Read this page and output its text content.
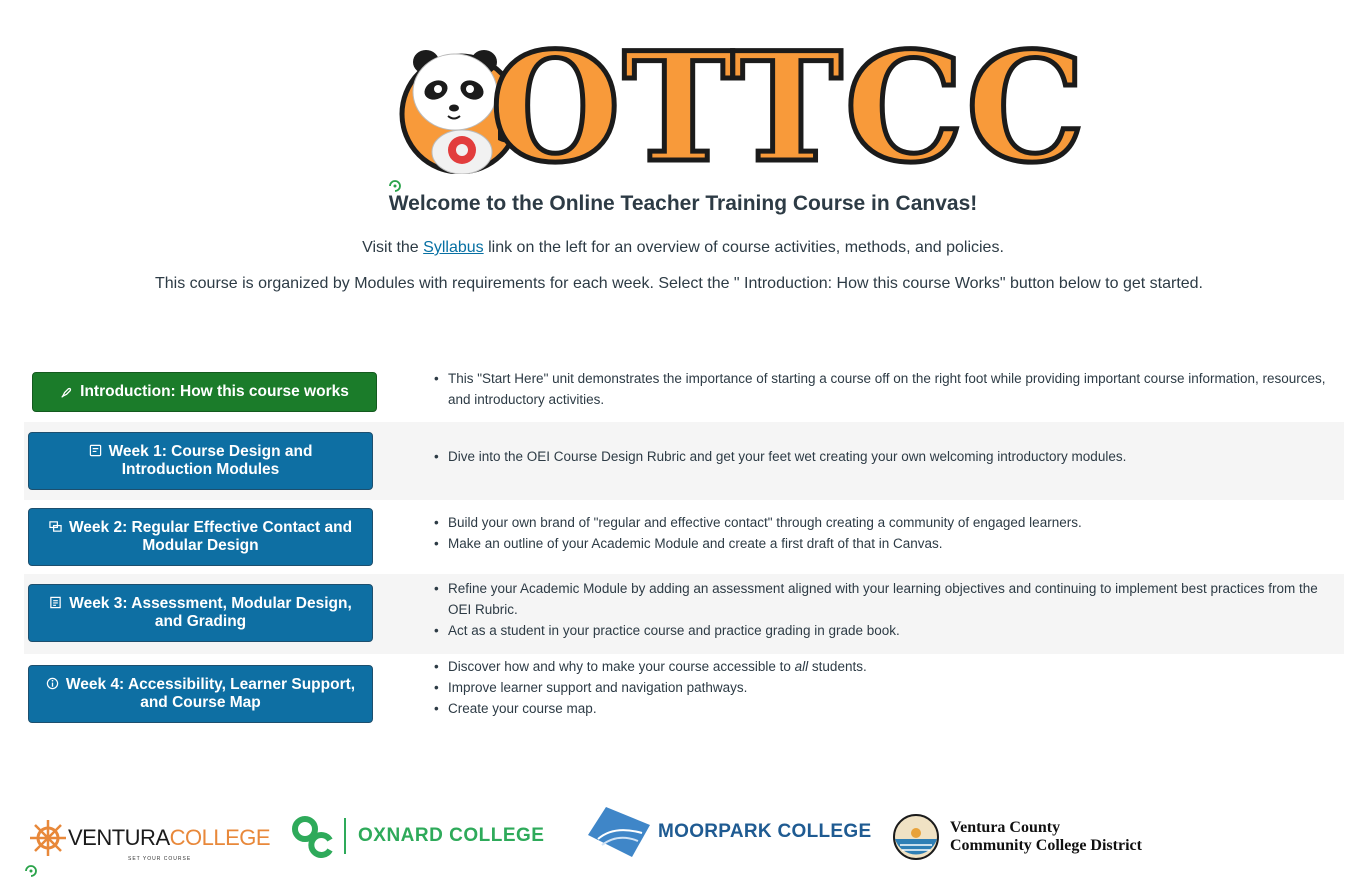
OTTCC
Welcome to the Online Teacher Training Course in Canvas!

Visit the Syllabus link on the left for an overview of course activities, methods, and policies.

This course is organized by Modules with requirements for each week. Select the " Introduction: How this course Works" button below to get started.

Introduction: How this course works
• This "Start Here" unit demonstrates the importance of starting a course off on the right foot while providing important course information, resources, and introductory activities.
Week 1: Course Design and
Introduction Modules
• Dive into the OEI Course Design Rubric and get your feet wet creating your own welcoming introductory modules.
Week 2: Regular Effective Contact and
Modular Design
• Build your own brand of "regular and effective contact" through creating a community of engaged learners.
• Make an outline of your Academic Module and create a first draft of that in Canvas.
Week 3: Assessment, Modular Design,
and Grading
• Refine your Academic Module by adding an assessment aligned with your learning objectives and continuing to implement best practices from the OEI Rubric.
• Act as a student in your practice course and practice grading in grade book.
Week 4: Accessibility, Learner Support,
and Course Map
• Discover how and why to make your course accessible to all students.
• Improve learner support and navigation pathways.
• Create your course map.
VENTURACOLLEGE
SET YOUR COURSE
OXNARD COLLEGE	MOORPARK COLLEGE	Ventura County
Community College District
